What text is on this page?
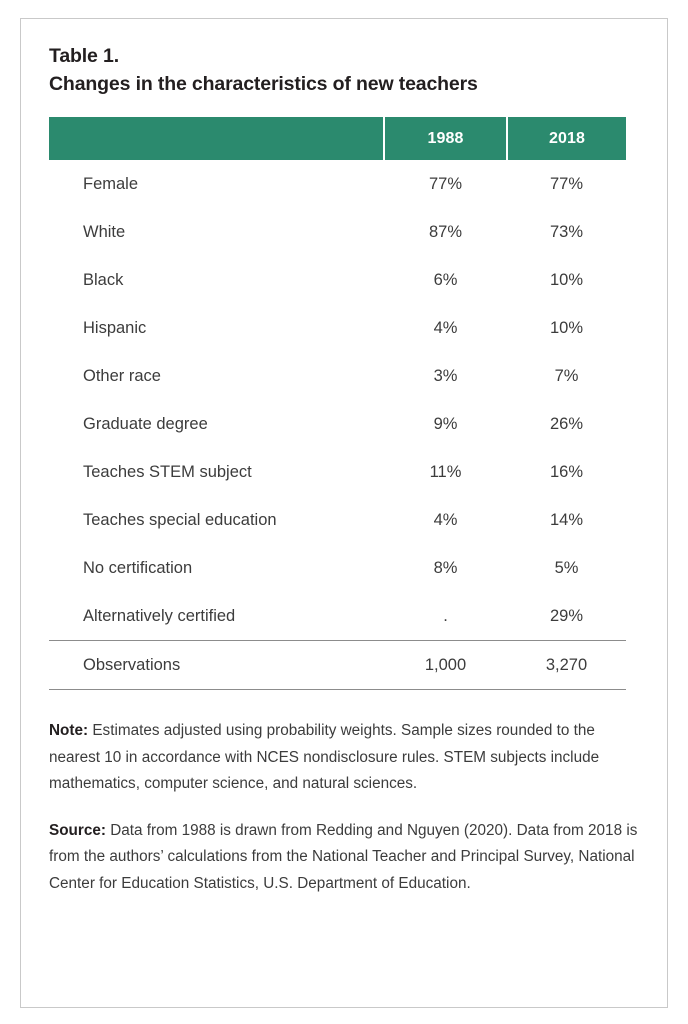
Table 1.
Changes in the characteristics of new teachers
	1988	2018
Female	77%	77%
White	87%	73%
Black	6%	10%
Hispanic	4%	10%
Other race	3%	7%
Graduate degree	9%	26%
Teaches STEM subject	11%	16%
Teaches special education	4%	14%
No certification	8%	5%
Alternatively certified	.	29%
Observations	1,000	3,270

Note: Estimates adjusted using probability weights. Sample sizes rounded to the nearest 10 in accordance with NCES nondisclosure rules. STEM subjects include mathematics, computer science, and natural sciences.

Source: Data from 1988 is drawn from Redding and Nguyen (2020). Data from 2018 is from the authors’ calculations from the National Teacher and Principal Survey, National Center for Education Statistics, U.S. Department of Education.
